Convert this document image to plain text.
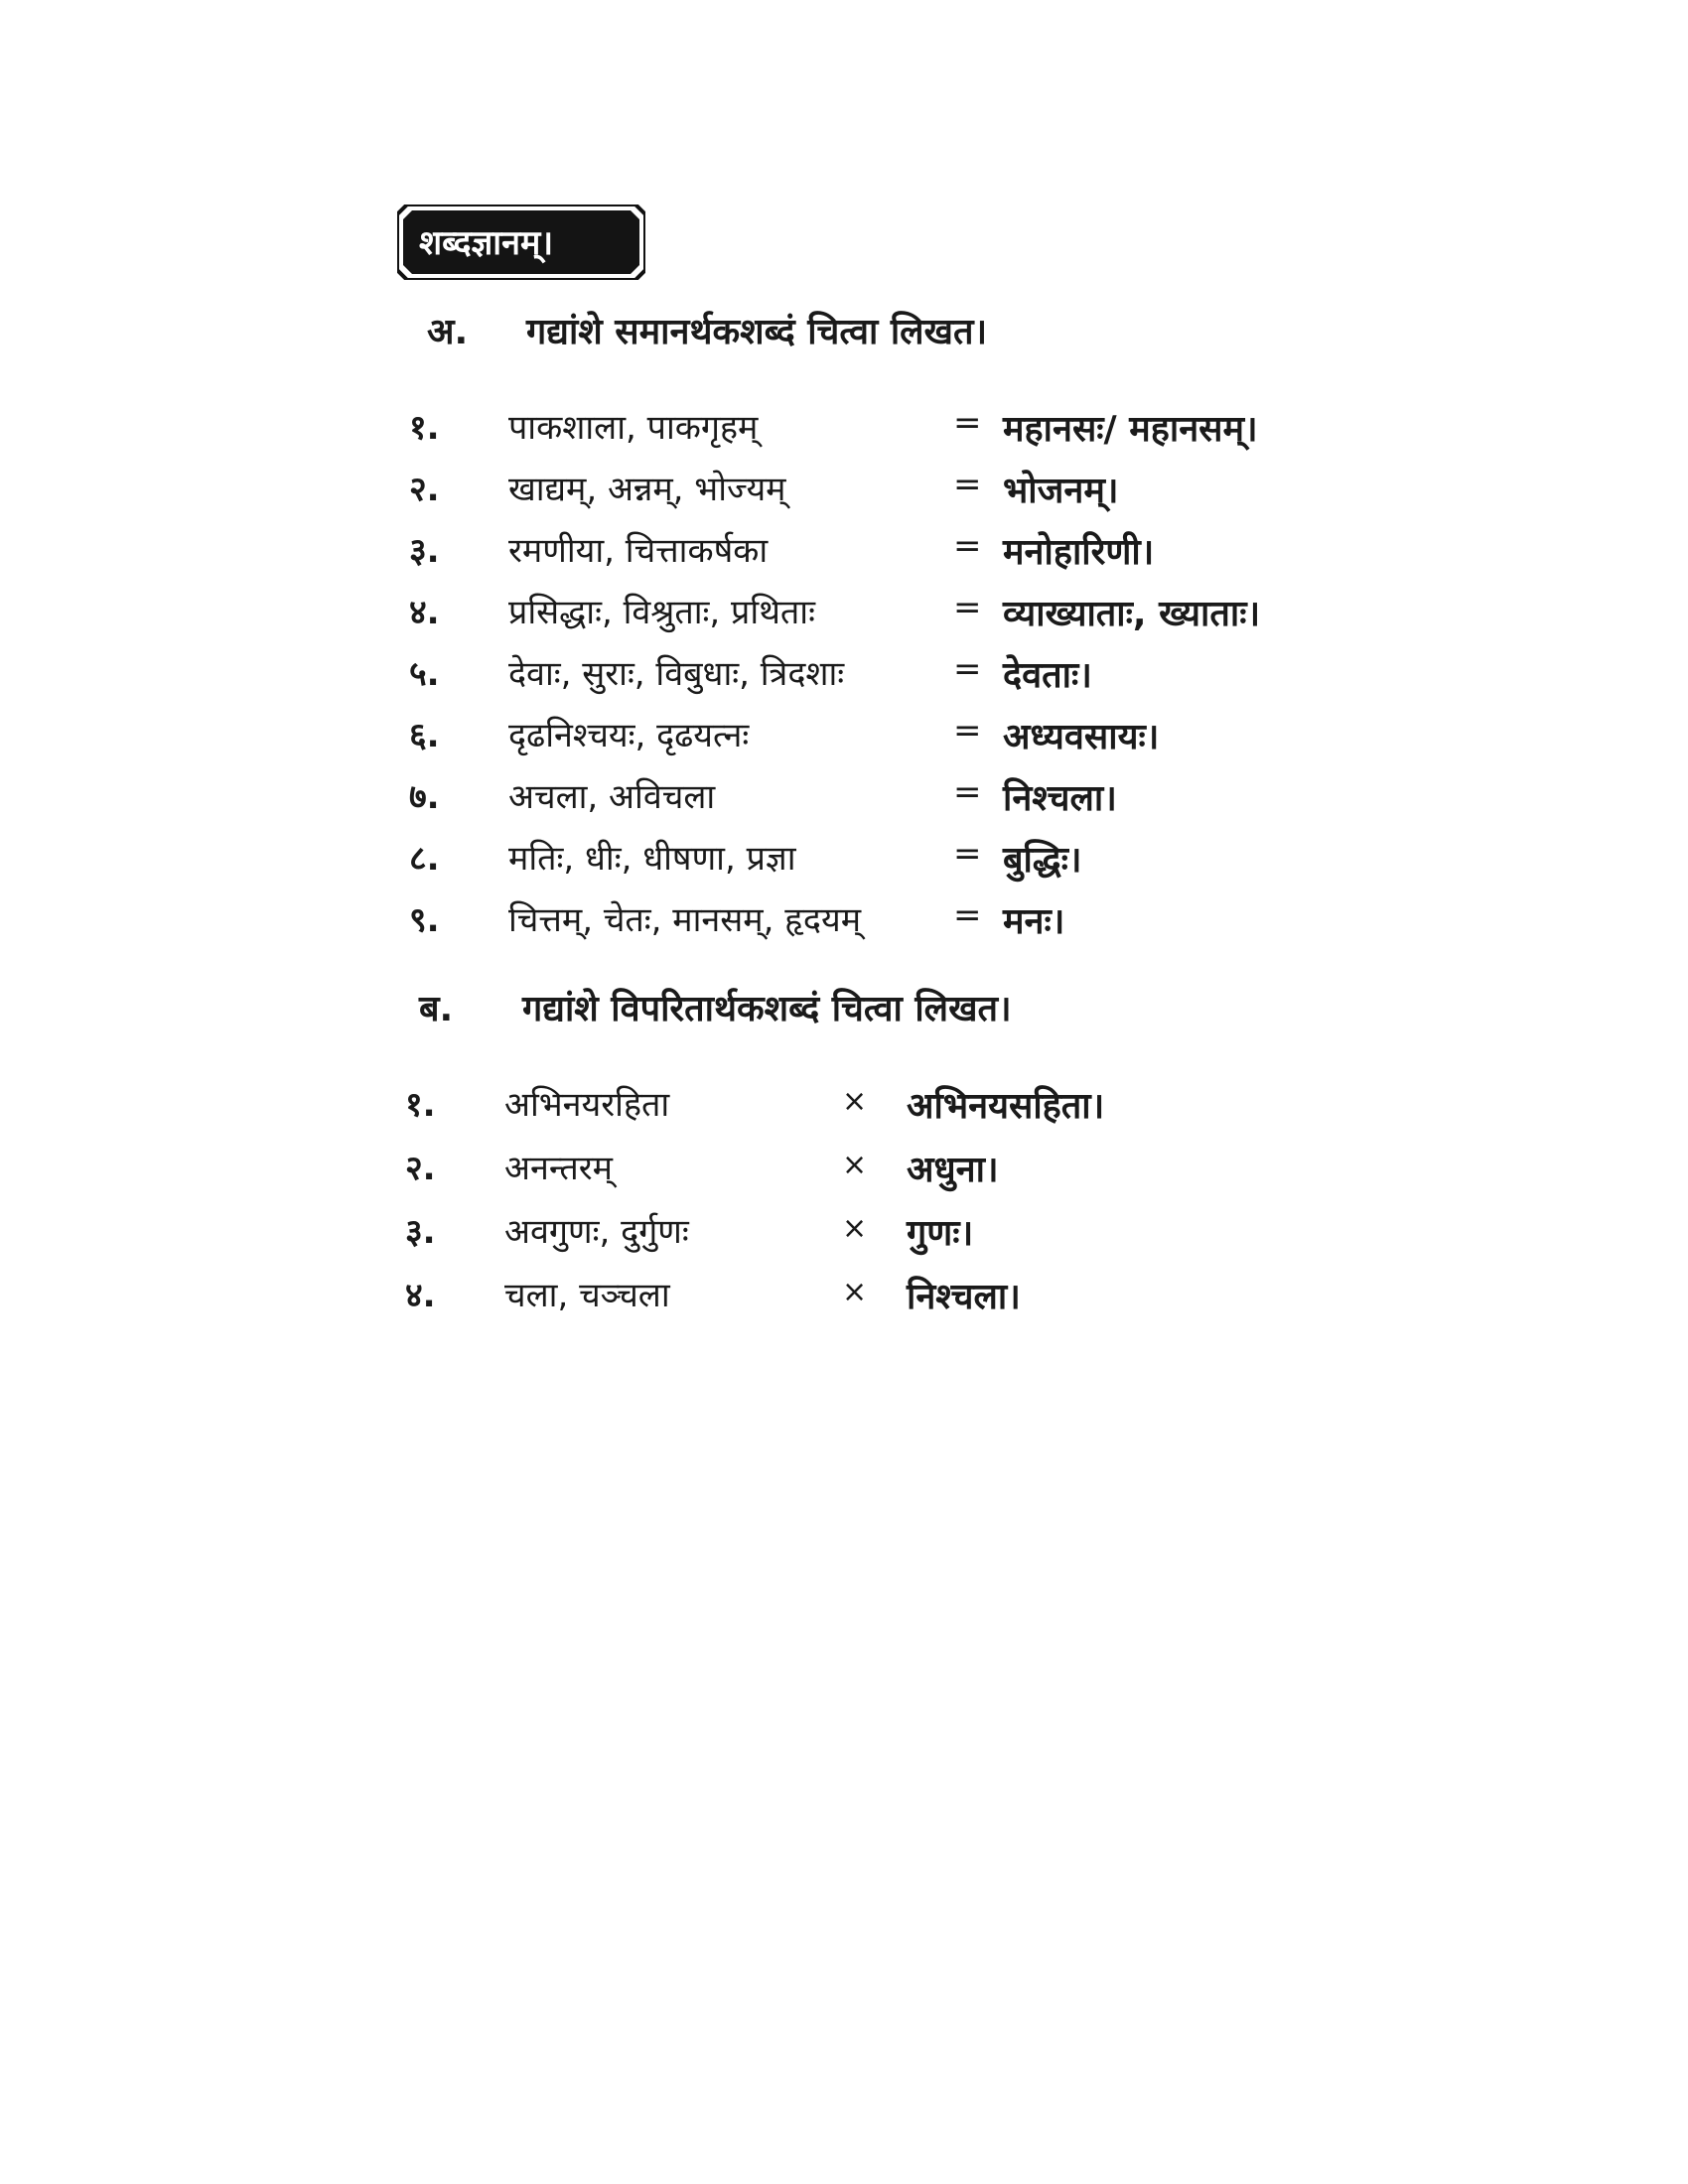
शब्दज्ञानम्।
अ. गद्यांशे समानर्थकशब्दं चित्वा लिखत।
१. पाकशाला, पाकगृहम्	= महानसः/ महानसम्।
२. खाद्यम्, अन्नम्, भोज्यम्	= भोजनम्।
३. रमणीया, चित्ताकर्षका	= मनोहारिणी।
४. प्रसिद्धाः, विश्रुताः, प्रथिताः	= व्याख्याताः, ख्याताः।
५. देवाः, सुराः, विबुधाः, त्रिदशाः	= देवताः।
६. दृढनिश्चयः, दृढयत्नः	= अध्यवसायः।
७. अचला, अविचला	= निश्चला।
८. मतिः, धीः, धीषणा, प्रज्ञा	= बुद्धिः।
९. चित्तम्, चेतः, मानसम्, हृदयम्	= मनः।
ब. गद्यांशे विपरितार्थकशब्दं चित्वा लिखत।
१. अभिनयरहिता	× अभिनयसहिता।
२. अनन्तरम्	× अधुना।
३. अवगुणः, दुर्गुणः	× गुणः।
४. चला, चञ्चला	× निश्चला।
